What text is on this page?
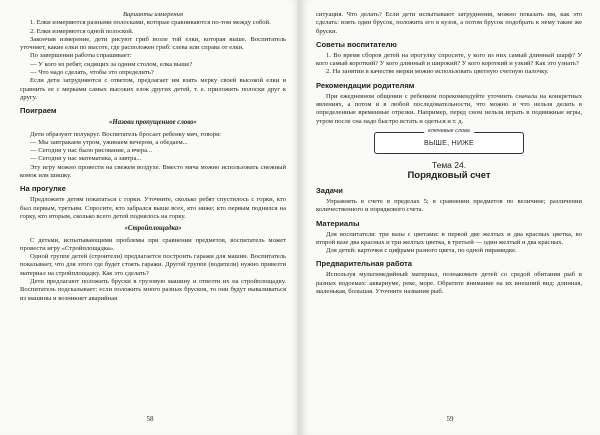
Варианты измерения

1. Елки измеряются разными полосками, которые сравниваются по-том между собой.

2. Елки измеряются одной полоской.

Закончив измерение, дети рисуют гриб возле той елки, которая выше. Воспитатель уточняет, какие елки по высоте, где расположен гриб: слева или справа от елки.

По завершении работы спрашивает:

— У кого из ребят, сидящих за одним столом, елка выше?

— Что надо сделать, чтобы это определить?

Если дети затрудняются с ответом, предлагает им взять мерку своей высокой елки и сравнить ее с мерками самых высоких елок других детей, т. е. приложить полоски друг к другу.

Поиграем
«Назови пропущенное слово»

Дети образуют полукруг. Воспитатель бросает ребенку мяч, говоря:

— Мы завтракаем утром, ужинаем вечером, а обедаем...

— Сегодня у нас было рисование, а вчера...

— Сегодня у нас математика, а завтра...

Эту игру можно провести на свежем воздухе. Вместо мяча можно использовать снежный комок или шишку.

На прогулке

Предложите детям покататься с горки. Уточните, сколько ребят спустилось с горки, кто был первым, третьим. Спросите, кто забрался выше всех, кто ниже; кто первым поднялся на горку, кто вторым, сколько всего детей поднялось на горку.

«Стройплощадка»

С детьми, испытывающими проблемы при сравнении предметов, воспитатель может провести игру «Стройплощадка».

Одной группе детей (строители) предлагается построить гаражи для машин. Воспитатель показывает, что для этого где будет стоять гаражи. Другой группе (водители) нужно привезти материал на стройплощадку. Как это сделать?

Дети предлагают положить бруски в грузовую машину и отвезти их на стройплощадку. Воспитатель подсказывает: если положить много разных брусков, то они будут вываливаться из машины и возникнет аварийная

58

ситуация. Что делать? Если дети испытывают затруднения, можно показать им, как это сделать: взять один брусок, положить его в кузов, а потом брусок подобрать к нему такие же бруски.

Советы воспитателю

1. Во время сборов детей на прогулку спросите, у кого из них самый длинный шарф? У кого самый короткий? У кого длинный и широкий? У кого короткий и узкий? Как это узнать?

2. На занятии в качестве мерки можно использовать цветную счетную палочку.

Рекомендации родителям

При ежедневном общении с ребенком порекомендуйте уточнить сначала на конкретных явлениях, а потом и в любой последовательности, что можно и что нельзя делать в определенные временные отрезки. Например, перед сном нельзя играть в подвижные игры, утром после сна надо быстро встать и одеться и т. д.

ключевые слова
ВЫШЕ, НИЖЕ
Тема 24.
Порядковый счет
Задачи

Упражнять в счете в пределах 5; в сравнении предметов по величине; различении количественного и порядкового счета.

Материалы

Для воспитателя: три вазы с цветами: в первой две желтых и два красных цветка, во второй вазе два красных и три желтых цветка, в третьей — один желтый и два красных.

Для детей: карточки с цифрами разного цвета, по одной пирамидке.

Предварительная работа

Используя мультимедийный материал, познакомьте детей со средой обитания рыб в разных водоемах: аквариуме, реке, море. Обратите внимание на их внешний вид: длинная, маленькая, большая. Уточните названия рыб.

59
